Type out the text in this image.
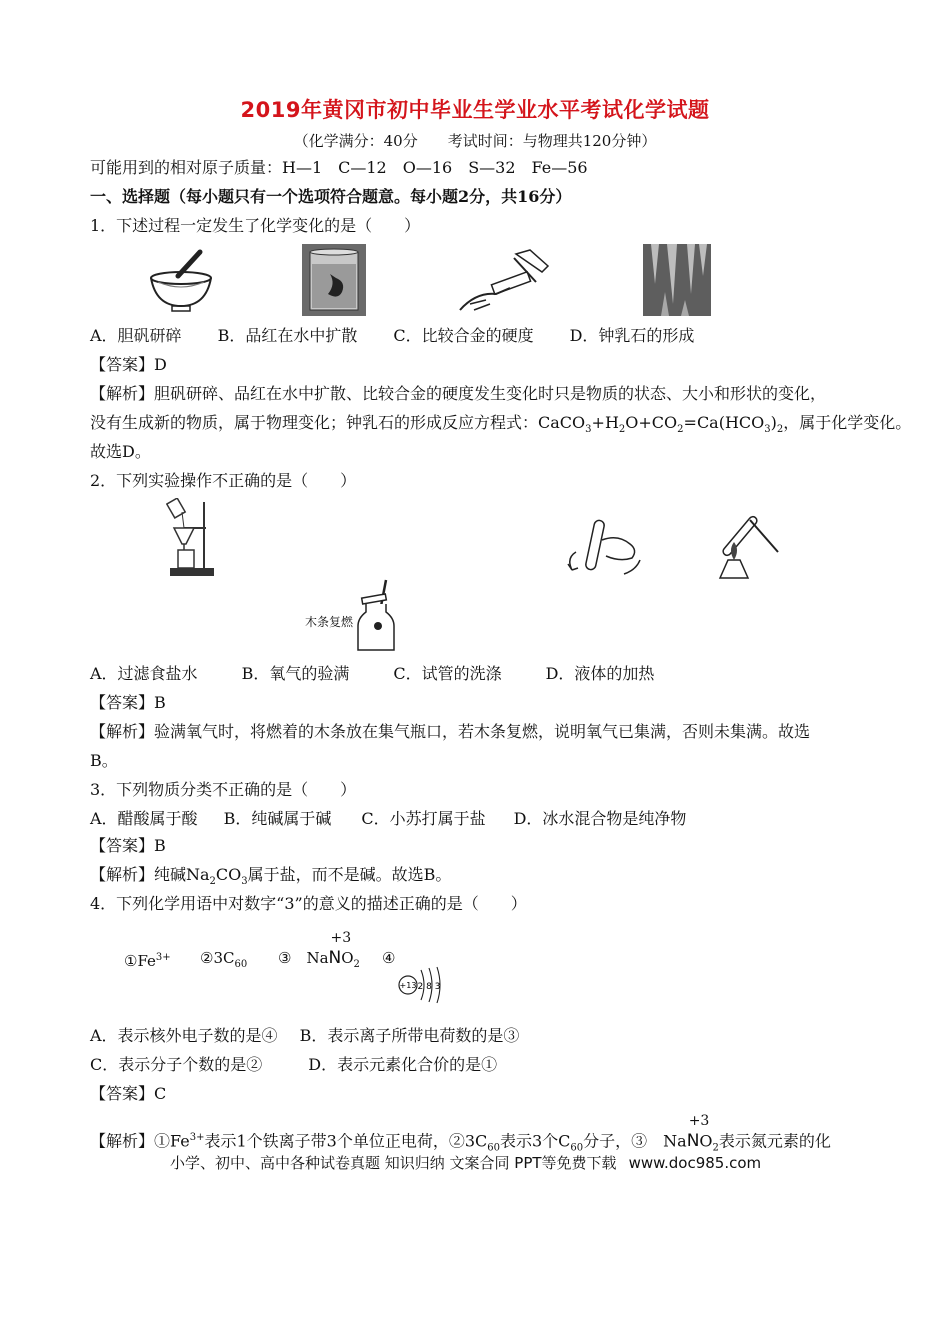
2019年黄冈市初中毕业生学业水平考试化学试题
（化学满分：40分　　考试时间：与物理共120分钟）
可能用到的相对原子质量：H—1　C—12　O—16　S—32　Fe—56
一、选择题（每小题只有一个选项符合题意。每小题2分，共16分）
1．下述过程一定发生了化学变化的是（　　）
A．胆矾研碎 B．品红在水中扩散 C．比较合金的硬度 D．钟乳石的形成
【答案】D
【解析】胆矾研碎、品红在水中扩散、比较合金的硬度发生变化时只是物质的状态、大小和形状的变化，
没有生成新的物质，属于物理变化；钟乳石的形成反应方程式：$CaCO_3+H_2O+CO_2=Ca(HCO_3)_2$，属于化学变化。
故选D。
2．下列实验操作不正确的是（　　）
木条复燃
A．过滤食盐水	B．氧气的验满	C．试管的洗涤	D．液体的加热
【答案】B
【解析】验满氧气时，将燃着的木条放在集气瓶口，若木条复燃，说明氧气已集满，否则未集满。故选
B。
3．下列物质分类不正确的是（　　）
A．醋酸属于酸 B．纯碱属于碱 C．小苏打属于盐 D．冰水混合物是纯净物
【答案】B
【解析】纯碱$Na_2CO_3$属于盐，而不是碱。故选B。
4．下列化学用语中对数字“3”的意义的描述正确的是（　　）
$①Fe^{3+}$ $②3C_{60}$ ③　Na
+3
$NO_2$ ④
+13 2 8 3
A．表示核外电子数的是④ B．表示离子所带电荷数的是③
C．表示分子个数的是②	D．表示元素化合价的是①
【答案】C
【解析】$①Fe^{3+}$表示1个铁离子带3个单位正电荷，$②3C_{60}$表示3个$C_{60}$分子，③　Na
+3
$NO_2$表示氮元素的化
小学、初中、高中各种试卷真题 知识归纳 文案合同 PPT等免费下载 www.doc985.com
